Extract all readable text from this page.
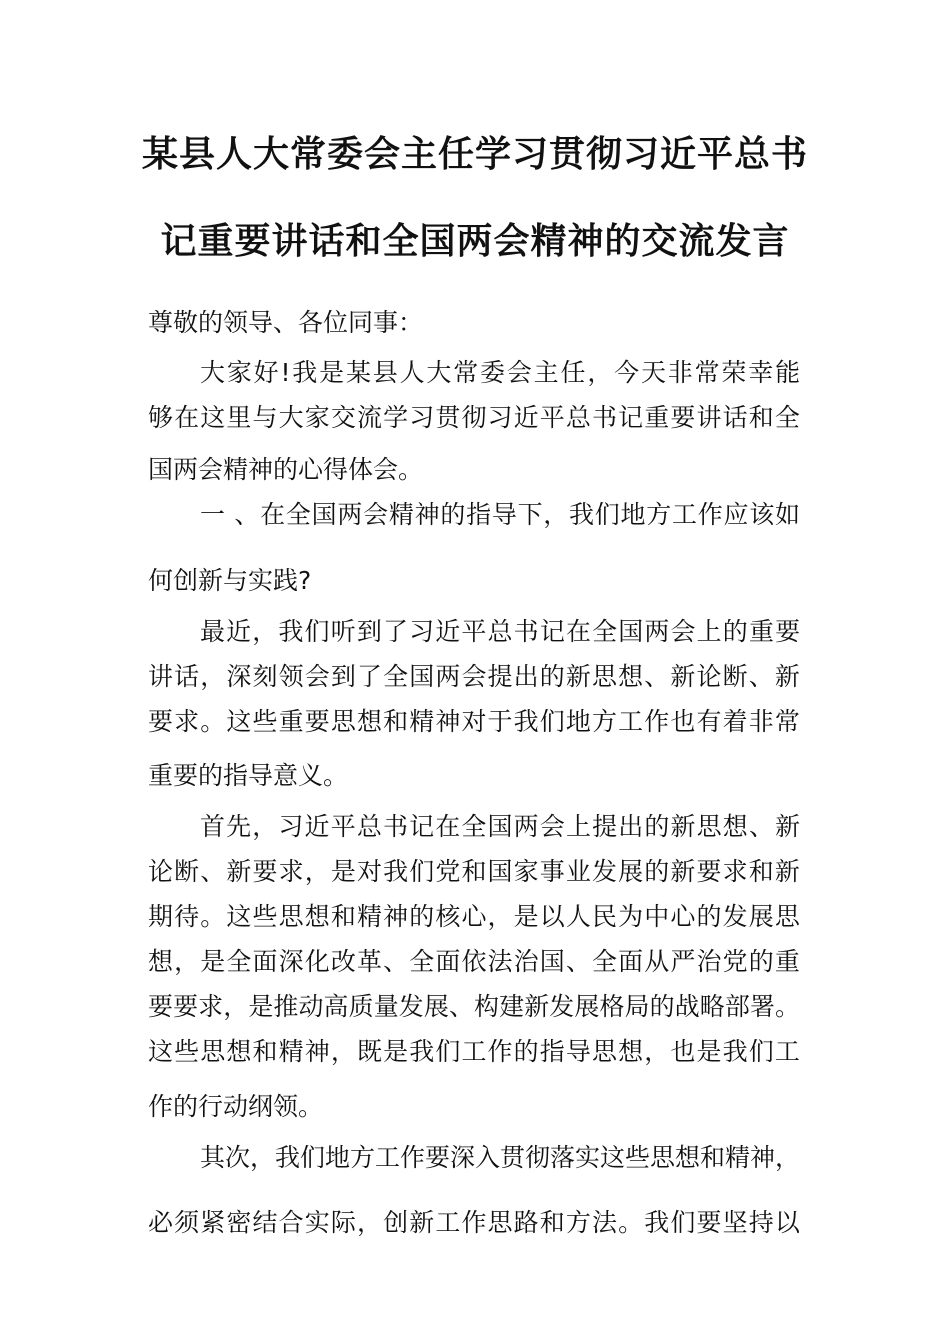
某县人大常委会主任学习贯彻习近平总书
记重要讲话和全国两会精神的交流发言
尊敬的领导、各位同事：
大家好!我是某县人大常委会主任，今天非常荣幸能
够在这里与大家交流学习贯彻习近平总书记重要讲话和全
国两会精神的心得体会。
一 、在全国两会精神的指导下，我们地方工作应该如
何创新与实践?
最近，我们听到了习近平总书记在全国两会上的重要
讲话，深刻领会到了全国两会提出的新思想、新论断、新
要求。这些重要思想和精神对于我们地方工作也有着非常
重要的指导意义。
首先，习近平总书记在全国两会上提出的新思想、新
论断、新要求，是对我们党和国家事业发展的新要求和新
期待。这些思想和精神的核心，是以人民为中心的发展思
想，是全面深化改革、全面依法治国、全面从严治党的重
要要求，是推动高质量发展、构建新发展格局的战略部署。
这些思想和精神，既是我们工作的指导思想，也是我们工
作的行动纲领。
其次，我们地方工作要深入贯彻落实这些思想和精神，
必须紧密结合实际，创新工作思路和方法。我们要坚持以
